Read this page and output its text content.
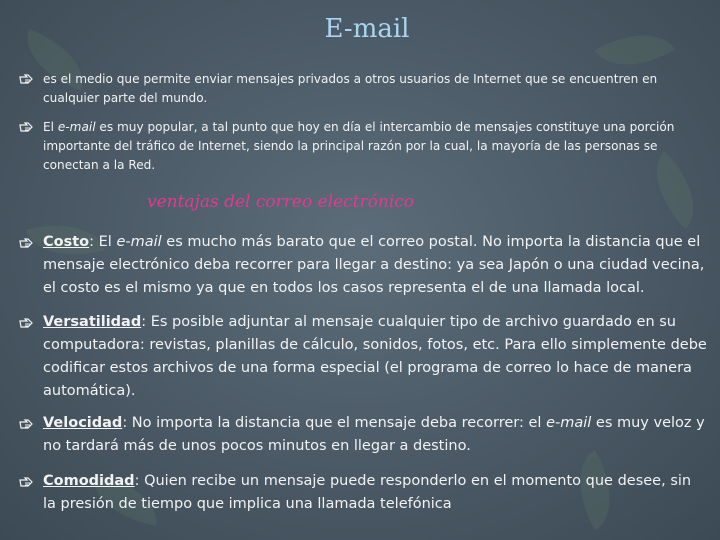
E-mail

es el medio que permite enviar mensajes privados a otros usuarios de Internet que se encuentren en cualquier parte del mundo.

El e-mail es muy popular, a tal punto que hoy en día el intercambio de mensajes constituye una porción importante del tráfico de Internet, siendo la principal razón por la cual, la mayoría de las personas se conectan a la Red.

ventajas del correo electrónico

Costo: El e-mail es mucho más barato que el correo postal. No importa la distancia que el mensaje electrónico deba recorrer para llegar a destino: ya sea Japón o una ciudad vecina, el costo es el mismo ya que en todos los casos representa el de una llamada local.

Versatilidad: Es posible adjuntar al mensaje cualquier tipo de archivo guardado en su computadora: revistas, planillas de cálculo, sonidos, fotos, etc. Para ello simplemente debe codificar estos archivos de una forma especial (el programa de correo lo hace de manera automática).

Velocidad: No importa la distancia que el mensaje deba recorrer: el e-mail es muy veloz y no tardará más de unos pocos minutos en llegar a destino.

Comodidad: Quien recibe un mensaje puede responderlo en el momento que desee, sin la presión de tiempo que implica una llamada telefónica
